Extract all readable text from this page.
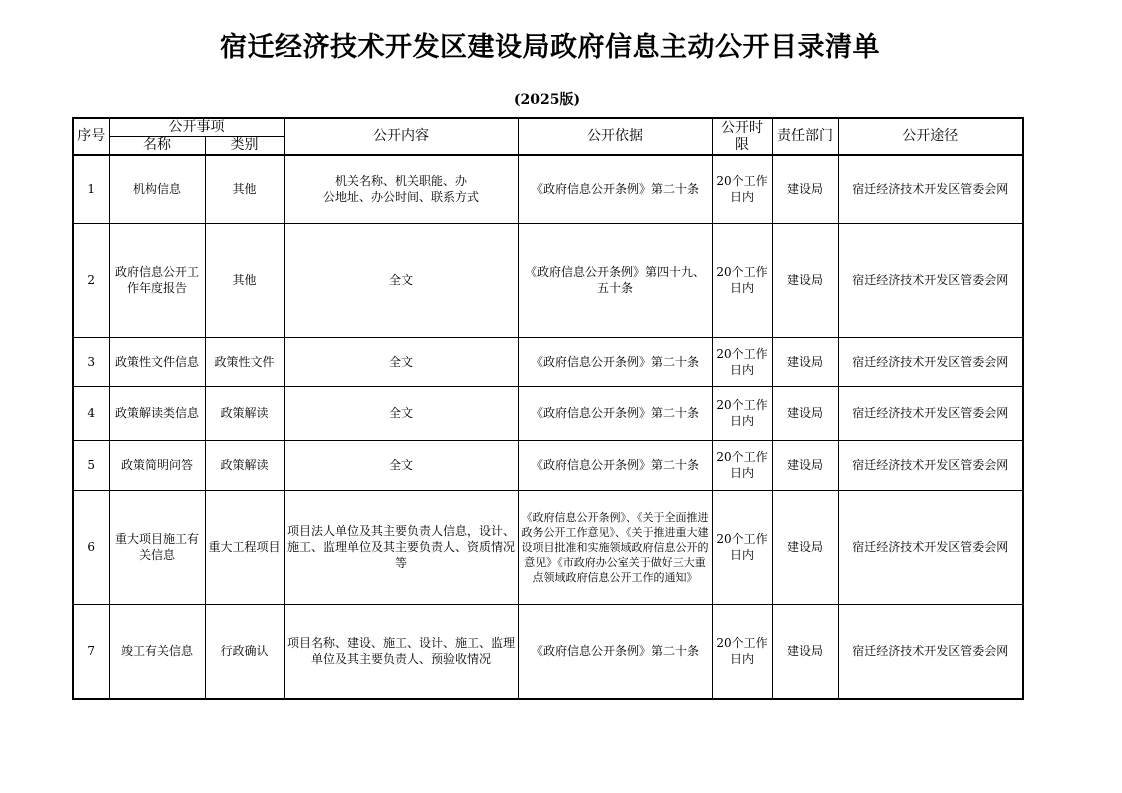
宿迁经济技术开发区建设局政府信息主动公开目录清单
(2025版)
序号	公开事项		公开内容	公开依据	公开时限	责任部门	公开途径
	名称	类别					
1	机构信息	其他	机关名称、机关职能、办
公地址、办公时间、联系方式	《政府信息公开条例》第二十条	20个工作日内	建设局	宿迁经济技术开发区管委会网
2	政府信息公开工作年度报告	其他	全文	《政府信息公开条例》第四十九、五十条	20个工作日内	建设局	宿迁经济技术开发区管委会网
3	政策性文件信息	政策性文件	全文	《政府信息公开条例》第二十条	20个工作日内	建设局	宿迁经济技术开发区管委会网
4	政策解读类信息	政策解读	全文	《政府信息公开条例》第二十条	20个工作日内	建设局	宿迁经济技术开发区管委会网
5	政策简明问答	政策解读	全文	《政府信息公开条例》第二十条	20个工作日内	建设局	宿迁经济技术开发区管委会网
6	重大项目施工有关信息	重大工程项目	项目法人单位及其主要负责人信息，设计、施工、监理单位及其主要负责人、资质情况等	《政府信息公开条例》、《关于全面推进政务公开工作意见》、《关于推进重大建设项目批准和实施领域政府信息公开的意见》《市政府办公室关于做好三大重点领域政府信息公开工作的通知》	20个工作日内	建设局	宿迁经济技术开发区管委会网
7	竣工有关信息	行政确认	项目名称、建设、施工、设计、施工、监理单位及其主要负责人、预验收情况	《政府信息公开条例》第二十条	20个工作日内	建设局	宿迁经济技术开发区管委会网
